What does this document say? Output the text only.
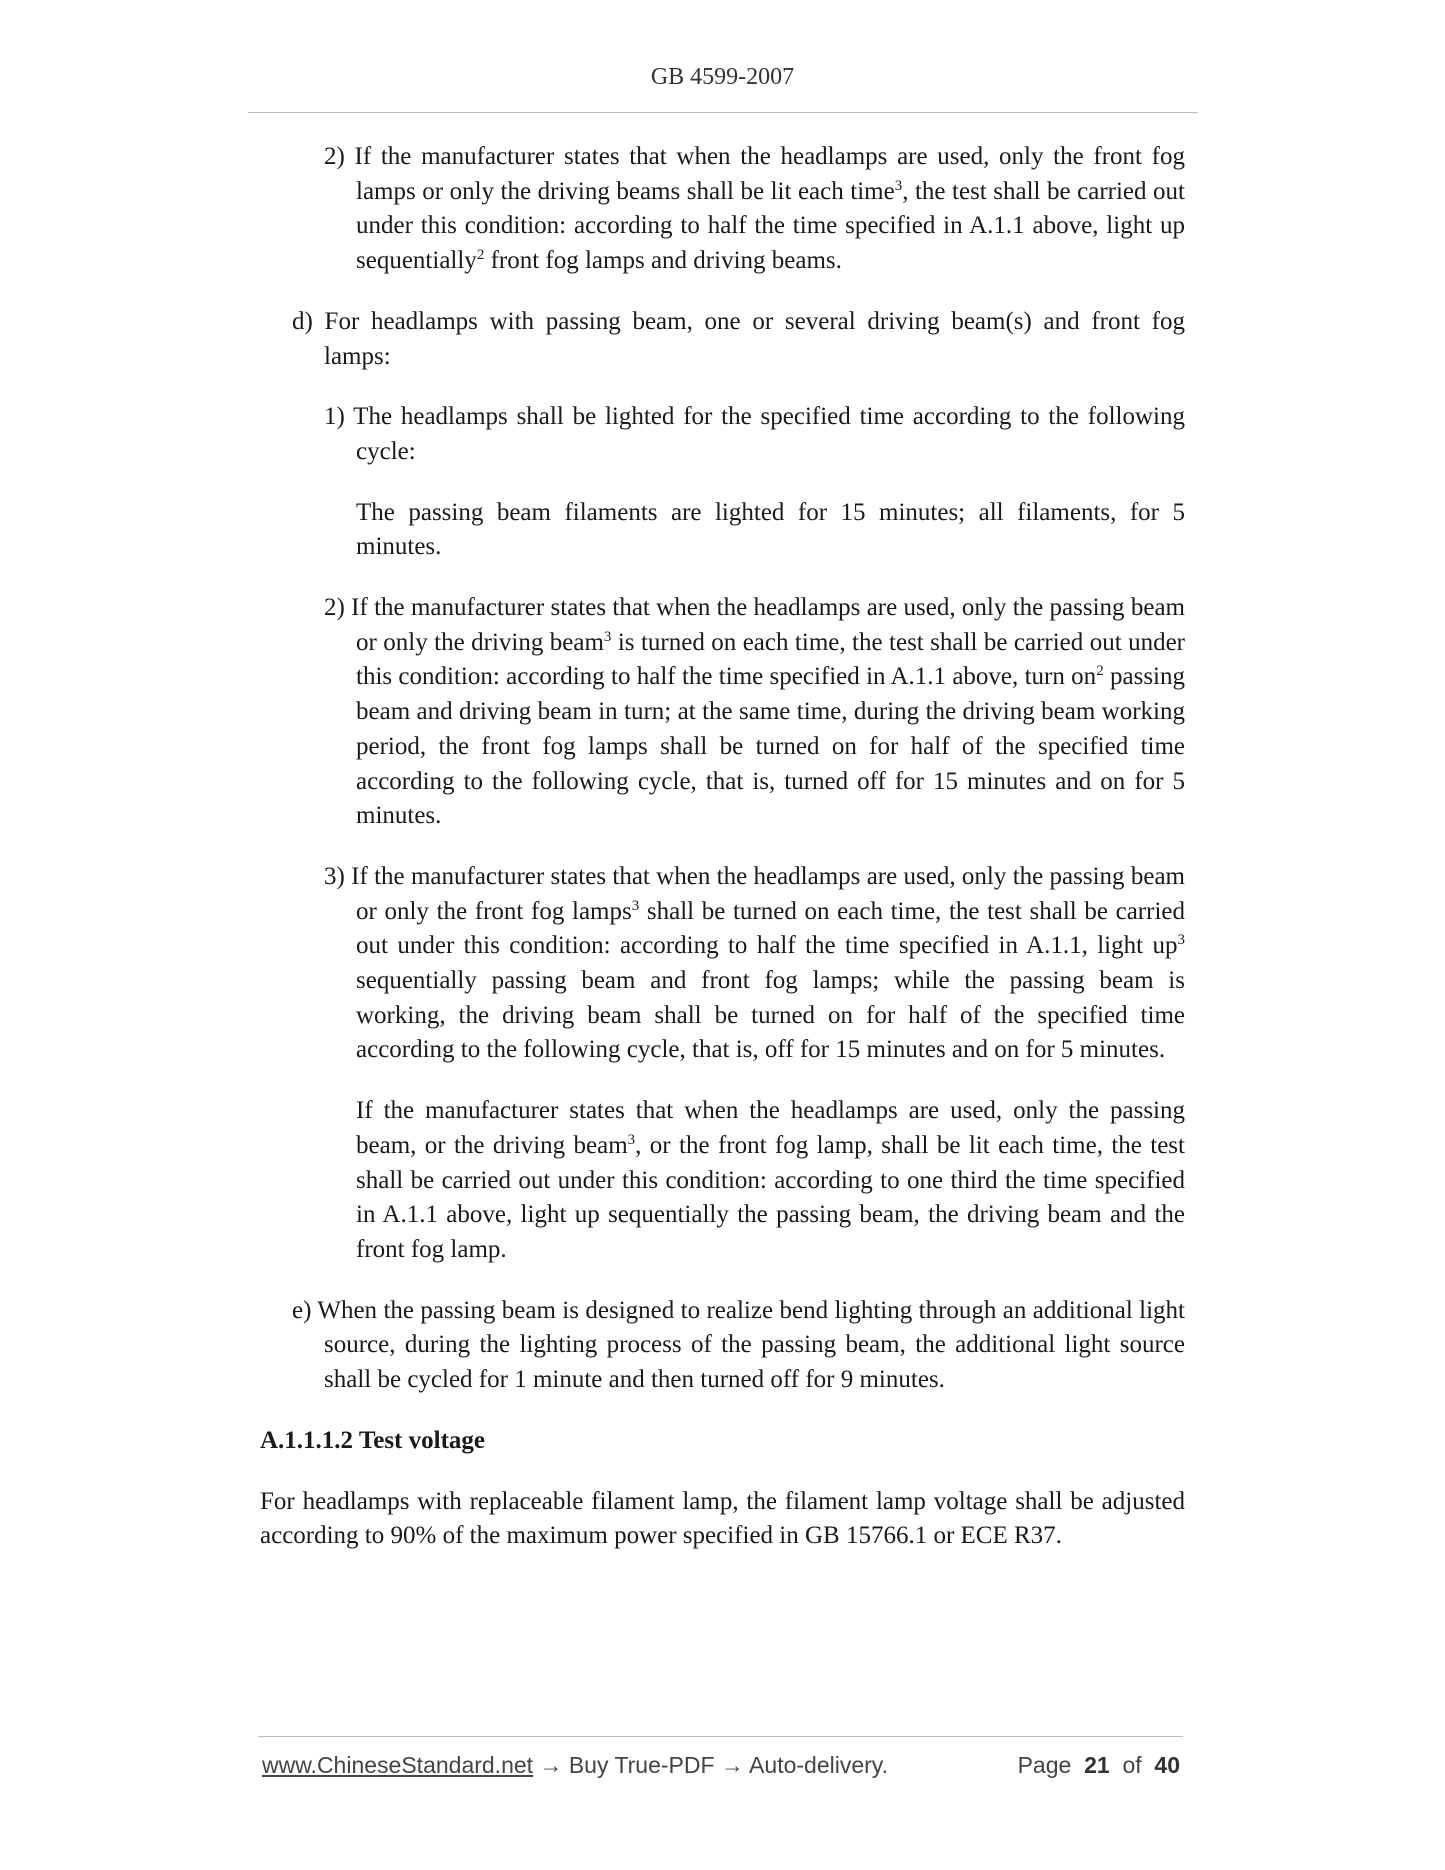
GB 4599-2007

2) If the manufacturer states that when the headlamps are used, only the front fog lamps or only the driving beams shall be lit each time$^3$, the test shall be carried out under this condition: according to half the time specified in A.1.1 above, light up sequentially$^2$ front fog lamps and driving beams.

d) For headlamps with passing beam, one or several driving beam(s) and front fog lamps:

1) The headlamps shall be lighted for the specified time according to the following cycle:

The passing beam filaments are lighted for 15 minutes; all filaments, for 5 minutes.

2) If the manufacturer states that when the headlamps are used, only the passing beam or only the driving beam$^3$ is turned on each time, the test shall be carried out under this condition: according to half the time specified in A.1.1 above, turn $on^2$ passing beam and driving beam in turn; at the same time, during the driving beam working period, the front fog lamps shall be turned on for half of the specified time according to the following cycle, that is, turned off for 15 minutes and on for 5 minutes.

3) If the manufacturer states that when the headlamps are used, only the passing beam or only the front fog lamps$^3$ shall be turned on each time, the test shall be carried out under this condition: according to half the time specified in A.1.1, light $up^3$ sequentially passing beam and front fog lamps; while the passing beam is working, the driving beam shall be turned on for half of the specified time according to the following cycle, that is, off for 15 minutes and on for 5 minutes.

If the manufacturer states that when the headlamps are used, only the passing beam, or the driving beam$^3$, or the front fog lamp, shall be lit each time, the test shall be carried out under this condition: according to one third the time specified in A.1.1 above, light up sequentially the passing beam, the driving beam and the front fog lamp.

e) When the passing beam is designed to realize bend lighting through an additional light source, during the lighting process of the passing beam, the additional light source shall be cycled for 1 minute and then turned off for 9 minutes.

A.1.1.1.2 Test voltage

For headlamps with replaceable filament lamp, the filament lamp voltage shall be adjusted according to 90% of the maximum power specified in GB 15766.1 or ECE R37.

www.ChineseStandard.net → Buy True-PDF → Auto-delivery.	Page 21 of 40
